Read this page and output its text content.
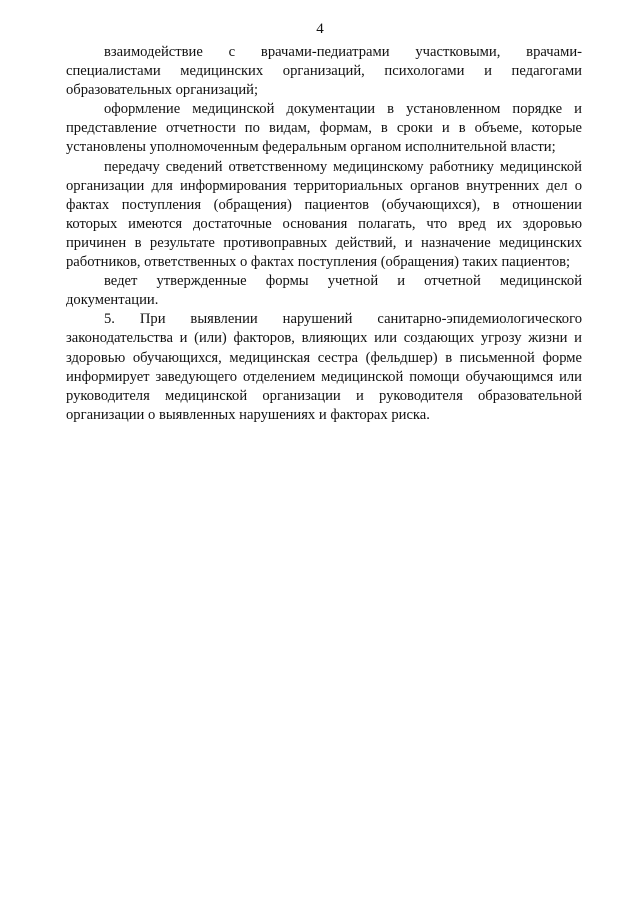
4

взаимодействие с врачами-педиатрами участковыми, врачами-специалистами медицинских организаций, психологами и педагогами образовательных организаций;

оформление медицинской документации в установленном порядке и представление отчетности по видам, формам, в сроки и в объеме, которые установлены уполномоченным федеральным органом исполнительной власти;

передачу сведений ответственному медицинскому работнику медицинской организации для информирования территориальных органов внутренних дел о фактах поступления (обращения) пациентов (обучающихся), в отношении которых имеются достаточные основания полагать, что вред их здоровью причинен в результате противоправных действий, и назначение медицинских работников, ответственных о фактах поступления (обращения) таких пациентов;

ведет утвержденные формы учетной и отчетной медицинской документации.

5. При выявлении нарушений санитарно-эпидемиологического законодательства и (или) факторов, влияющих или создающих угрозу жизни и здоровью обучающихся, медицинская сестра (фельдшер) в письменной форме информирует заведующего отделением медицинской помощи обучающимся или руководителя медицинской организации и руководителя образовательной организации о выявленных нарушениях и факторах риска.
